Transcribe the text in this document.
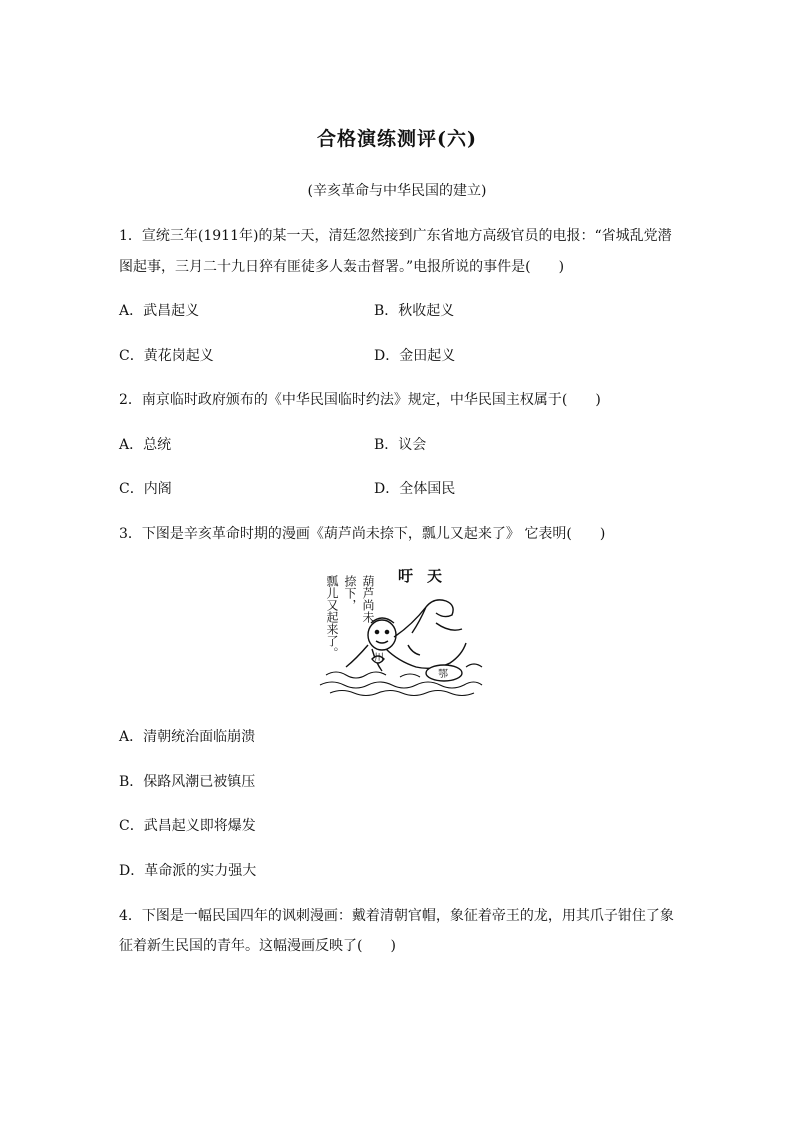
合格演练测评(六)
(辛亥革命与中华民国的建立)
1．宣统三年(1911年)的某一天，清廷忽然接到广东省地方高级官员的电报：“省城乱党潜
图起事，三月二十九日猝有匪徒多人轰击督署。”电报所说的事件是( )
A．武昌起义	B．秋收起义
C．黄花岗起义	D．金田起义
2．南京临时政府颁布的《中华民国临时约法》规定，中华民国主权属于( )
A．总统	B．议会
C．内阁	D．全体国民
3．下图是辛亥革命时期的漫画《葫芦尚未捺下，瓢儿又起来了》 它表明( )
葫芦尚未
捺下，
瓢儿又起来了。	吁天
川
鄂
A．清朝统治面临崩溃
B．保路风潮已被镇压
C．武昌起义即将爆发
D．革命派的实力强大
4．下图是一幅民国四年的讽刺漫画：戴着清朝官帽，象征着帝王的龙，用其爪子钳住了象
征着新生民国的青年。这幅漫画反映了( )
